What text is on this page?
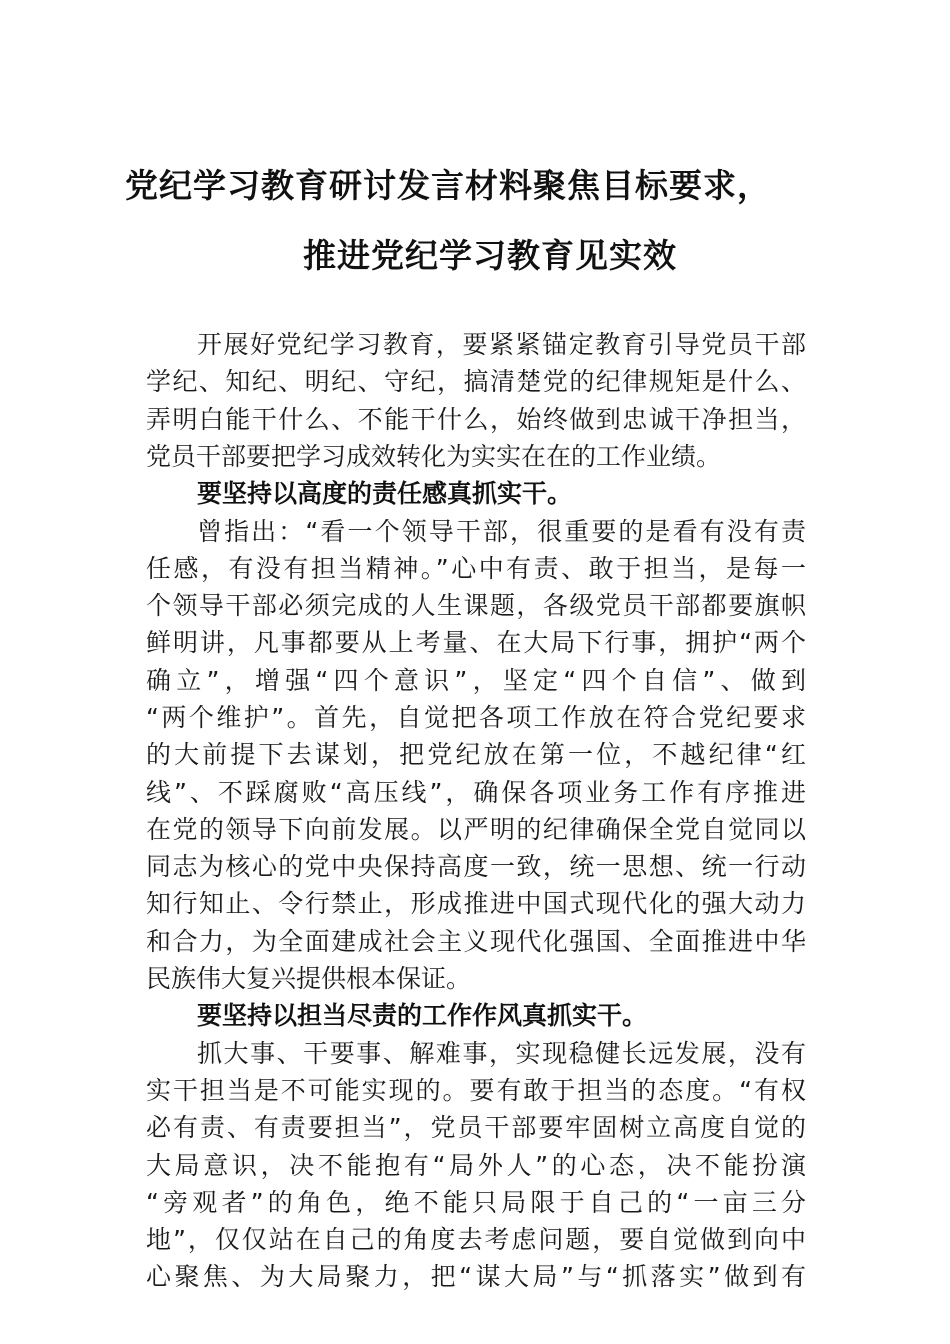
党纪学习教育研讨发言材料聚焦目标要求，
推进党纪学习教育见实效
开展好党纪学习教育，要紧紧锚定教育引导党员干部
学纪、知纪、明纪、守纪，搞清楚党的纪律规矩是什么、
弄明白能干什么、不能干什么，始终做到忠诚干净担当，
党员干部要把学习成效转化为实实在在的工作业绩。
要坚持以高度的责任感真抓实干。
曾指出：“看一个领导干部，很重要的是看有没有责
任感，有没有担当精神。”心中有责、敢于担当，是每一
个领导干部必须完成的人生课题，各级党员干部都要旗帜
鲜明讲，凡事都要从上考量、在大局下行事，拥护“两个
确立”，增强“四个意识”，坚定“四个自信”、做到
“两个维护”。首先，自觉把各项工作放在符合党纪要求
的大前提下去谋划，把党纪放在第一位，不越纪律“红
线”、不踩腐败“高压线”，确保各项业务工作有序推进
在党的领导下向前发展。以严明的纪律确保全党自觉同以
同志为核心的党中央保持高度一致，统一思想、统一行动
知行知止、令行禁止，形成推进中国式现代化的强大动力
和合力，为全面建成社会主义现代化强国、全面推进中华
民族伟大复兴提供根本保证。
要坚持以担当尽责的工作作风真抓实干。
抓大事、干要事、解难事，实现稳健长远发展，没有
实干担当是不可能实现的。要有敢于担当的态度。“有权
必有责、有责要担当”，党员干部要牢固树立高度自觉的
大局意识，决不能抱有“局外人”的心态，决不能扮演
“旁观者”的角色，绝不能只局限于自己的“一亩三分
地”，仅仅站在自己的角度去考虑问题，要自觉做到向中
心聚焦、为大局聚力，把“谋大局”与“抓落实”做到有
